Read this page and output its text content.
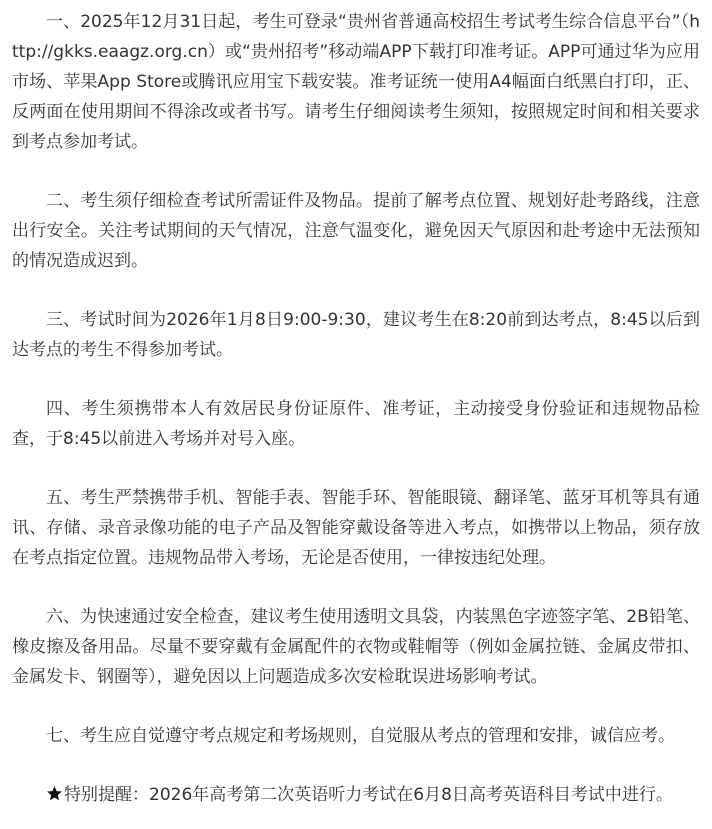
一、2025年12月31日起，考生可登录“贵州省普通高校招生考试考生综合信息平台”（http://gkks.eaagz.org.cn）或“贵州招考”移动端APP下载打印准考证。APP可通过华为应用市场、苹果App Store或腾讯应用宝下载安装。准考证统一使用A4幅面白纸黑白打印，正、反两面在使用期间不得涂改或者书写。请考生仔细阅读考生须知，按照规定时间和相关要求到考点参加考试。

二、考生须仔细检查考试所需证件及物品。提前了解考点位置、规划好赴考路线，注意出行安全。关注考试期间的天气情况，注意气温变化，避免因天气原因和赴考途中无法预知的情况造成迟到。

三、考试时间为2026年1月8日9:00-9:30，建议考生在8:20前到达考点，8:45以后到达考点的考生不得参加考试。

四、考生须携带本人有效居民身份证原件、准考证，主动接受身份验证和违规物品检查，于8:45以前进入考场并对号入座。

五、考生严禁携带手机、智能手表、智能手环、智能眼镜、翻译笔、蓝牙耳机等具有通讯、存储、录音录像功能的电子产品及智能穿戴设备等进入考点，如携带以上物品，须存放在考点指定位置。违规物品带入考场，无论是否使用，一律按违纪处理。

六、为快速通过安全检查，建议考生使用透明文具袋，内装黑色字迹签字笔、2B铅笔、橡皮擦及备用品。尽量不要穿戴有金属配件的衣物或鞋帽等（例如金属拉链、金属皮带扣、金属发卡、钢圈等），避免因以上问题造成多次安检耽误进场影响考试。

七、考生应自觉遵守考点规定和考场规则，自觉服从考点的管理和安排，诚信应考。

特别提醒：2026年高考第二次英语听力考试在6月8日高考英语科目考试中进行。
